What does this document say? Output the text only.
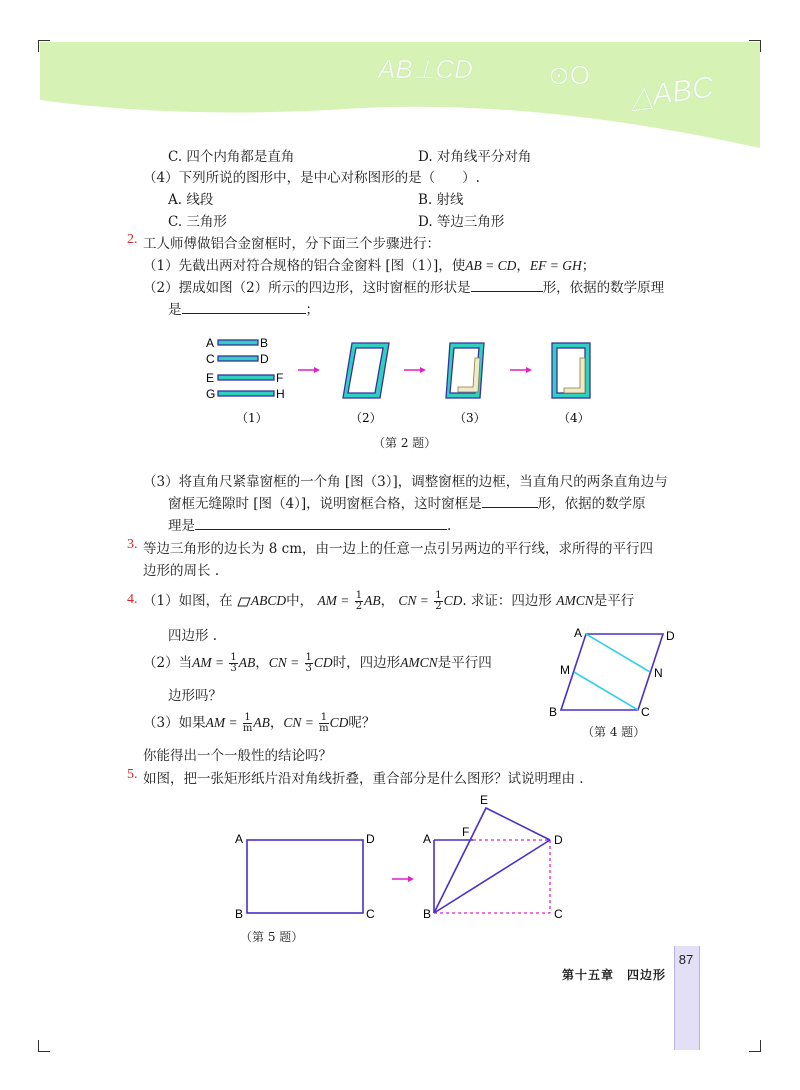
AB⊥CD	⊙O △ABC
C. 四个内角都是直角	D. 对角线平分对角
（4）下列所说的图形中，是中心对称图形的是（　　）.
A. 线段	B. 射线
C. 三角形	D. 等边三角形
2. 工人师傅做铝合金窗框时，分下面三个步骤进行：
（1）先截出两对符合规格的铝合金窗料 [图（1）]，使AB = CD，EF = GH；
（2）摆成如图（2）所示的四边形，这时窗框的形状是	形，依据的数学原理
是	；
A	B
C	D
E	F
G	H
（1）	（2）	（3）	（4）
（第 2 题）
（3）将直角尺紧靠窗框的一个角 [图（3）]，调整窗框的边框，当直角尺的两条直角边与
窗框无缝隙时 [图（4）]，说明窗框合格，这时窗框是	形，依据的数学原
理是	.
3. 等边三角形的边长为 8 cm，由一边上的任意一点引另两边的平行线，求所得的平行四
边形的周长 .
4. （1）如图，在 ABCD中， AM = $\frac{1}{2}$ AB， CN = $\frac{1}{2}$ CD. 求证：四边形 AMCN是平行
四边形 .
（2）当AM = $\frac{1}{3}$ AB，CN = $\frac{1}{3}$ CD时，四边形AMCN是平行四
边形吗？
（3）如果AM = $\frac{1}{m}$ AB，CN = $\frac{1}{m}$ CD呢？
你能得出一个一般性的结论吗？
A	D
M	N
B	C
（第 4 题）
5. 如图，把一张矩形纸片沿对角线折叠，重合部分是什么图形？试说明理由 .
A	D
B	C
E
F
A	D
B	C
（第 5 题）
第十五章　四边形
87
